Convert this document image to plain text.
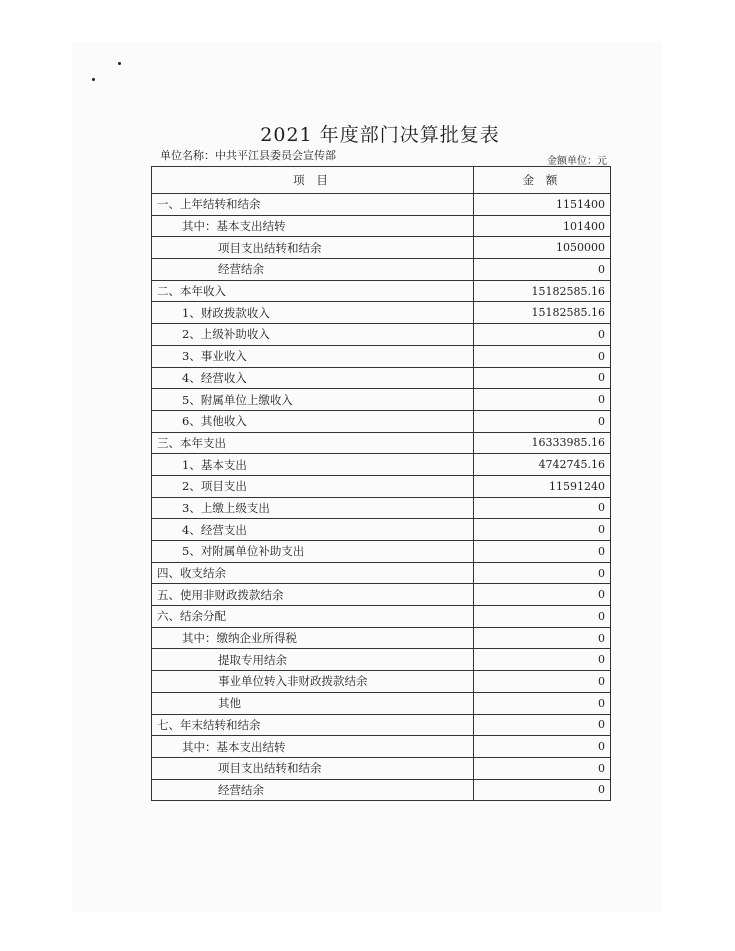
2021 年度部门决算批复表
单位名称：中共平江县委员会宣传部	金额单位：元
项 目	金 额
一、上年结转和结余	1151400
其中：基本支出结转	101400
项目支出结转和结余	1050000
经营结余	0
二、本年收入	15182585.16
1、财政拨款收入	15182585.16
2、上级补助收入	0
3、事业收入	0
4、经营收入	0
5、附属单位上缴收入	0
6、其他收入	0
三、本年支出	16333985.16
1、基本支出	4742745.16
2、项目支出	11591240
3、上缴上级支出	0
4、经营支出	0
5、对附属单位补助支出	0
四、收支结余	0
五、使用非财政拨款结余	0
六、结余分配	0
其中：缴纳企业所得税	0
提取专用结余	0
事业单位转入非财政拨款结余	0
其他	0
七、年末结转和结余	0
其中：基本支出结转	0
项目支出结转和结余	0
经营结余	0
